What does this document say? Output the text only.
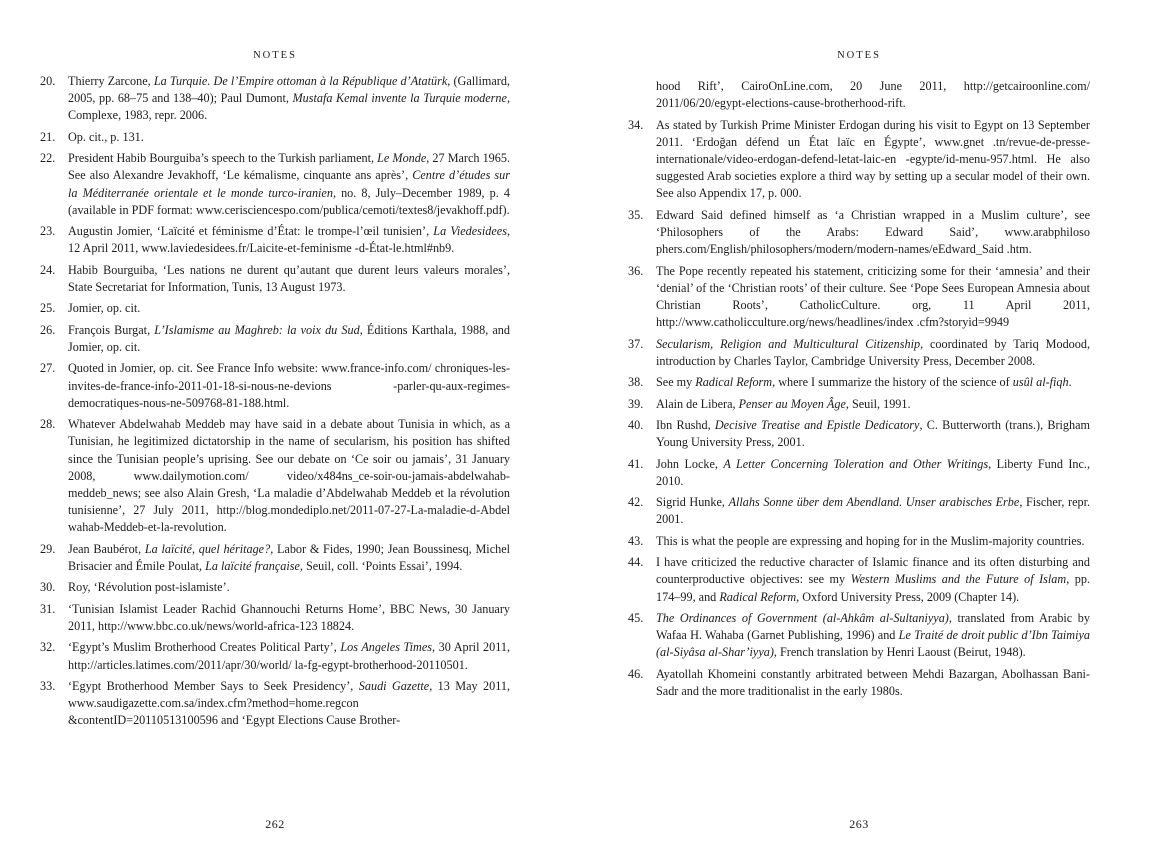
NOTES
20.	Thierry Zarcone, La Turquie. De l’Empire ottoman à la République d’Atatürk, (Gallimard, 2005, pp. 68–75 and 138–40); Paul Dumont, Mustafa Kemal invente la Turquie moderne, Complexe, 1983, repr. 2006.
21.	Op. cit., p. 131.
22.	President Habib Bourguiba’s speech to the Turkish parliament, Le Monde, 27 March 1965. See also Alexandre Jevakhoff, ‘Le kémalisme, cinquante ans après’, Centre d’études sur la Méditerranée orientale et le monde turco-iranien, no. 8, July–December 1989, p. 4 (available in PDF format: www.cerisciencespo.com/publica/cemoti/textes8/jevakhoff.pdf).
23.	Augustin Jomier, ‘Laïcité et féminisme d’État: le trompe-l’œil tunisien’, La Viedesidees, 12 April 2011, www.laviedesidees.fr/Laicite-et-feminisme -d-État-le.html#nb9.
24.	Habib Bourguiba, ‘Les nations ne durent qu’autant que durent leurs valeurs morales’, State Secretariat for Information, Tunis, 13 August 1973.
25.	Jomier, op. cit.
26.	François Burgat, L’Islamisme au Maghreb: la voix du Sud, Éditions Karthala, 1988, and Jomier, op. cit.
27.	Quoted in Jomier, op. cit. See France Info website: www.france-info.com/ chroniques-les-invites-de-france-info-2011-01-18-si-nous-ne-devions -parler-qu-aux-regimes-democratiques-nous-ne-509768-81-188.html.
28.	Whatever Abdelwahab Meddeb may have said in a debate about Tunisia in which, as a Tunisian, he legitimized dictatorship in the name of secularism, his position has shifted since the Tunisian people’s uprising. See our debate on ‘Ce soir ou jamais’, 31 January 2008, www.dailymotion.com/ video/x484ns_ce-soir-ou-jamais-abdelwahab-meddeb_news; see also Alain Gresh, ‘La maladie d’Abdelwahab Meddeb et la révolution tunisienne’, 27 July 2011, http://blog.mondediplo.net/2011-07-27-La-maladie-d-Abdel wahab-Meddeb-et-la-revolution.
29.	Jean Baubérot, La laïcité, quel héritage?, Labor & Fides, 1990; Jean Boussinesq, Michel Brisacier and Émile Poulat, La laïcité française, Seuil, coll. ‘Points Essai’, 1994.
30.	Roy, ‘Révolution post-islamiste’.
31.	‘Tunisian Islamist Leader Rachid Ghannouchi Returns Home’, BBC News, 30 January 2011, http://www.bbc.co.uk/news/world-africa-123 18824.
32.	‘Egypt’s Muslim Brotherhood Creates Political Party’, Los Angeles Times, 30 April 2011, http://articles.latimes.com/2011/apr/30/world/ la-fg-egypt-brotherhood-20110501.
33.	‘Egypt Brotherhood Member Says to Seek Presidency’, Saudi Gazette, 13 May 2011, www.saudigazette.com.sa/index.cfm?method=home.regcon &contentID=20110513100596 and ‘Egypt Elections Cause Brother-
262
NOTES
hood Rift’, CairoOnLine.com, 20 June 2011, http://getcairoonline.com/ 2011/06/20/egypt-elections-cause-brotherhood-rift.
34.	As stated by Turkish Prime Minister Erdogan during his visit to Egypt on 13 September 2011. ‘Erdoğan défend un État laïc en Égypte’, www.gnet .tn/revue-de-presse-internationale/video-erdogan-defend-letat-laic-en -egypte/id-menu-957.html. He also suggested Arab societies explore a third way by setting up a secular model of their own. See also Appendix 17, p. 000.
35.	Edward Said defined himself as ‘a Christian wrapped in a Muslim culture’, see ‘Philosophers of the Arabs: Edward Said’, www.arabphiloso phers.com/English/philosophers/modern/modern-names/eEdward_Said .htm.
36.	The Pope recently repeated his statement, criticizing some for their ‘amnesia’ and their ‘denial’ of the ‘Christian roots’ of their culture. See ‘Pope Sees European Amnesia about Christian Roots’, CatholicCulture. org, 11 April 2011, http://www.catholicculture.org/news/headlines/index .cfm?storyid=9949
37.	Secularism, Religion and Multicultural Citizenship, coordinated by Tariq Modood, introduction by Charles Taylor, Cambridge University Press, December 2008.
38.	See my Radical Reform, where I summarize the history of the science of usûl al-fiqh.
39.	Alain de Libera, Penser au Moyen Âge, Seuil, 1991.
40.	Ibn Rushd, Decisive Treatise and Epistle Dedicatory, C. Butterworth (trans.), Brigham Young University Press, 2001.
41.	John Locke, A Letter Concerning Toleration and Other Writings, Liberty Fund Inc., 2010.
42.	Sigrid Hunke, Allahs Sonne über dem Abendland. Unser arabisches Erbe, Fischer, repr. 2001.
43.	This is what the people are expressing and hoping for in the Muslim-majority countries.
44.	I have criticized the reductive character of Islamic finance and its often disturbing and counterproductive objectives: see my Western Muslims and the Future of Islam, pp. 174–99, and Radical Reform, Oxford University Press, 2009 (Chapter 14).
45.	The Ordinances of Government (al-Ahkâm al-Sultaniyya), translated from Arabic by Wafaa H. Wahaba (Garnet Publishing, 1996) and Le Traité de droit public d’Ibn Taimiya (al-Siyâsa al-Shar’iyya), French translation by Henri Laoust (Beirut, 1948).
46.	Ayatollah Khomeini constantly arbitrated between Mehdi Bazargan, Abolhassan Bani-Sadr and the more traditionalist in the early 1980s.
263
